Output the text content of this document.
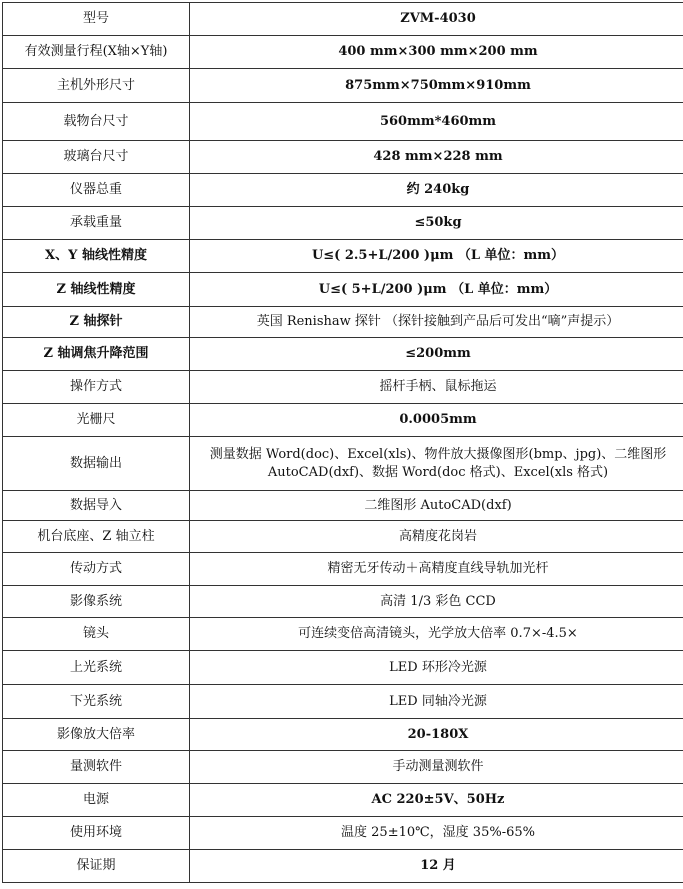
型号	ZVM-4030
有效测量行程(X轴×Y轴)	400 mm×300 mm×200 mm
主机外形尺寸	875mm×750mm×910mm
载物台尺寸	560mm*460mm
玻璃台尺寸	428 mm×228 mm
仪器总重	约 240kg
承载重量	≤50kg
X、Y 轴线性精度	U≤( 2.5+L/200 )μm （L 单位：mm）
Z 轴线性精度	U≤( 5+L/200 )μm （L 单位：mm）
Z 轴探针	英国 Renishaw 探针 （探针接触到产品后可发出“嘀”声提示）
Z 轴调焦升降范围	≤200mm
操作方式	摇杆手柄、鼠标拖运
光栅尺	0.0005mm
数据输出	测量数据 Word(doc)、Excel(xls)、物件放大摄像图形(bmp、jpg)、二维图形 AutoCAD(dxf)、数据 Word(doc 格式)、Excel(xls 格式)
数据导入	二维图形 AutoCAD(dxf)
机台底座、Z 轴立柱	高精度花岗岩
传动方式	精密无牙传动＋高精度直线导轨加光杆
影像系统	高清 1/3 彩色 CCD
镜头	可连续变倍高清镜头，光学放大倍率 0.7×-4.5×
上光系统	LED 环形冷光源
下光系统	LED 同轴冷光源
影像放大倍率	20-180X
量测软件	手动测量测软件
电源	AC 220±5V、50Hz
使用环境	温度 25±10℃，湿度 35%-65%
保证期	12 月
